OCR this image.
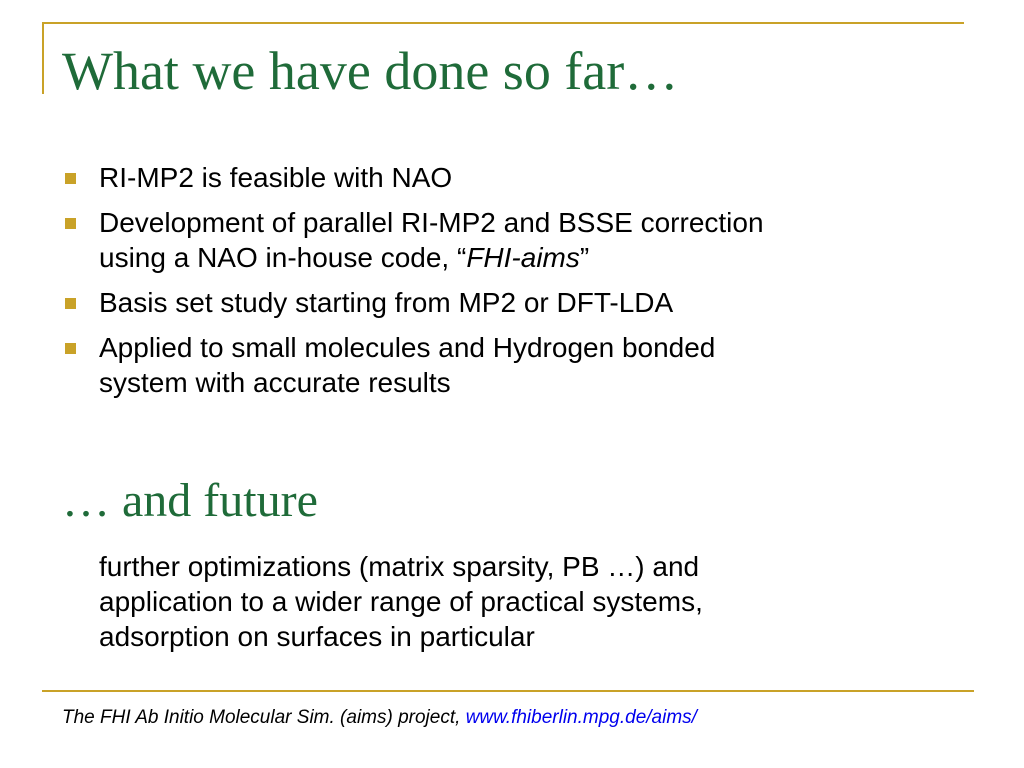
What we have done so far…
RI-MP2 is feasible with NAO
Development of parallel RI-MP2 and BSSE correction
using a NAO in-house code, “FHI-aims”
Basis set study starting from MP2 or DFT-LDA
Applied to small molecules and Hydrogen bonded
system with accurate results
… and future

further optimizations (matrix sparsity, PB …) and
application to a wider range of practical systems,
adsorption on surfaces in particular

The FHI Ab Initio Molecular Sim. (aims) project, www.fhiberlin.mpg.de/aims/
